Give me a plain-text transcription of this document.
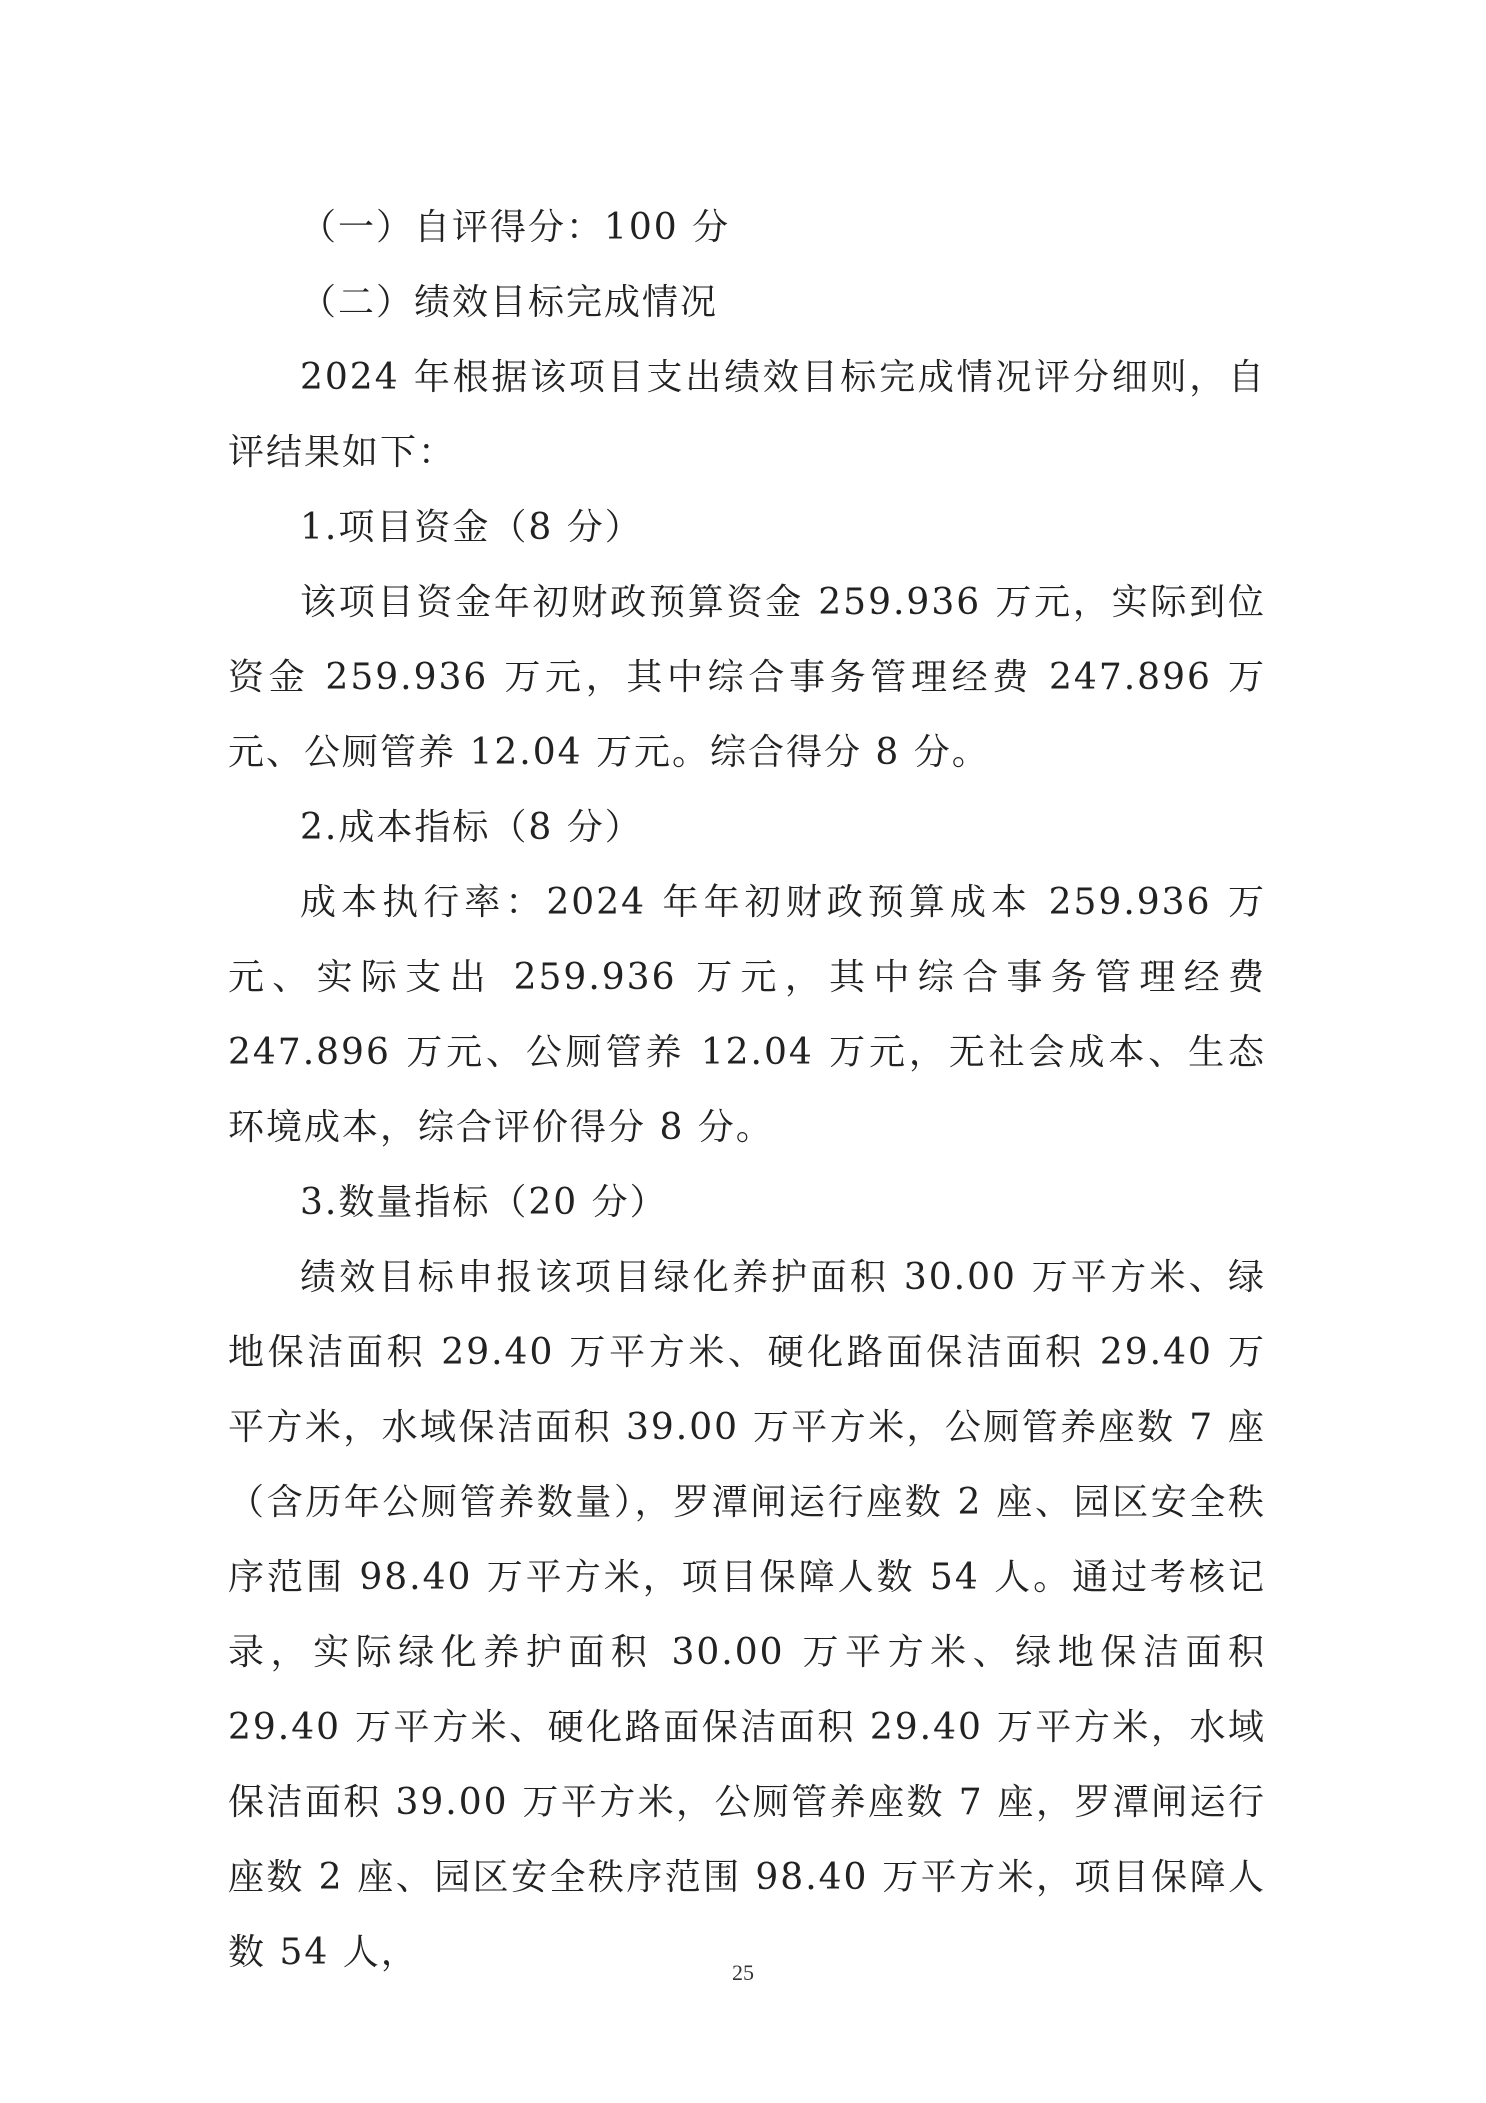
（一）自评得分：100 分

（二）绩效目标完成情况

2024 年根据该项目支出绩效目标完成情况评分细则，自评结果如下：

1.项目资金（8 分）

该项目资金年初财政预算资金 259.936 万元，实际到位资金 259.936 万元，其中综合事务管理经费 247.896 万元、公厕管养 12.04 万元。综合得分 8 分。

2.成本指标（8 分）

成本执行率：2024 年年初财政预算成本 259.936 万元、实际支出 259.936 万元，其中综合事务管理经费 247.896 万元、公厕管养 12.04 万元，无社会成本、生态环境成本，综合评价得分 8 分。

3.数量指标（20 分）

绩效目标申报该项目绿化养护面积 30.00 万平方米、绿地保洁面积 29.40 万平方米、硬化路面保洁面积 29.40 万平方米，水域保洁面积 39.00 万平方米，公厕管养座数 7 座（含历年公厕管养数量），罗潭闸运行座数 2 座、园区安全秩序范围 98.40 万平方米，项目保障人数 54 人。通过考核记录，实际绿化养护面积 30.00 万平方米、绿地保洁面积 29.40 万平方米、硬化路面保洁面积 29.40 万平方米，水域保洁面积 39.00 万平方米，公厕管养座数 7 座，罗潭闸运行座数 2 座、园区安全秩序范围 98.40 万平方米，项目保障人数 54 人，	25
